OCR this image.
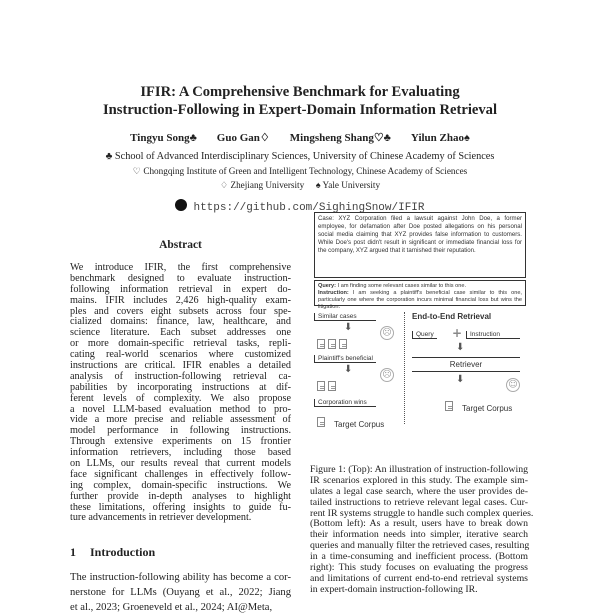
IFIR: A Comprehensive Benchmark for Evaluating
Instruction-Following in Expert-Domain Information Retrieval
Tingyu Song♣ Guo Gan♢ Mingsheng Shang♡♣ Yilun Zhao♠
♣ School of Advanced Interdisciplinary Sciences, University of Chinese Academy of Sciences
♡ Chongqing Institute of Green and Intelligent Technology, Chinese Academy of Sciences
♢ Zhejiang University     ♠ Yale University
https://github.com/SighingSnow/IFIR
Abstract
We introduce IFIR, the first comprehensive
benchmark designed to evaluate instruction-
following information retrieval in expert do-
mains. IFIR includes 2,426 high-quality exam-
ples and covers eight subsets across four spe-
cialized domains: finance, law, healthcare, and
science literature. Each subset addresses one
or more domain-specific retrieval tasks, repli-
cating real-world scenarios where customized
instructions are critical. IFIR enables a detailed
analysis of instruction-following retrieval ca-
pabilities by incorporating instructions at dif-
ferent levels of complexity. We also propose
a novel LLM-based evaluation method to pro-
vide a more precise and reliable assessment of
model performance in following instructions.
Through extensive experiments on 15 frontier
information retrievers, including those based
on LLMs, our results reveal that current models
face significant challenges in effectively follow-
ing complex, domain-specific instructions. We
further provide in-depth analyses to highlight
these limitations, offering insights to guide fu-
ture advancements in retriever development.
1 Introduction
The instruction-following ability has become a cor-
nerstone for LLMs (Ouyang et al., 2022; Jiang
et al., 2023; Groeneveld et al., 2024; AI@Meta,
Case: XYZ Corporation filed a lawsuit against John Doe, a former employee, for defamation after Doe posted allegations on his personal social media claiming that XYZ provides false information to customers. While Doe's post didn't result in significant or immediate financial loss for the company, XYZ argued that it tarnished their reputation.
Query: I am finding some relevant cases similar to this one.
Instruction: I am seeking a plaintiff's beneficial case similar to this one, particularly one where the corporation incurs minimal financial loss but wins the litigation.
Similar cases
⬇	☹
Plaintiff's beneficial
⬇	☹
Corporation wins
Target Corpus
End-to-End Retrieval
Query +	Instruction
⬇
Retriever
⬇	☺
Target Corpus
Figure 1: (Top): An illustration of instruction-following
IR scenarios explored in this study. The example sim-
ulates a legal case search, where the user provides de-
tailed instructions to retrieve relevant legal cases. Cur-
rent IR systems struggle to handle such complex queries.
(Bottom left): As a result, users have to break down
their information needs into simpler, iterative search
queries and manually filter the retrieved cases, resulting
in a time-consuming and inefficient process. (Bottom
right): This study focuses on evaluating the progress
and limitations of current end-to-end retrieval systems
in expert-domain instruction-following IR.
